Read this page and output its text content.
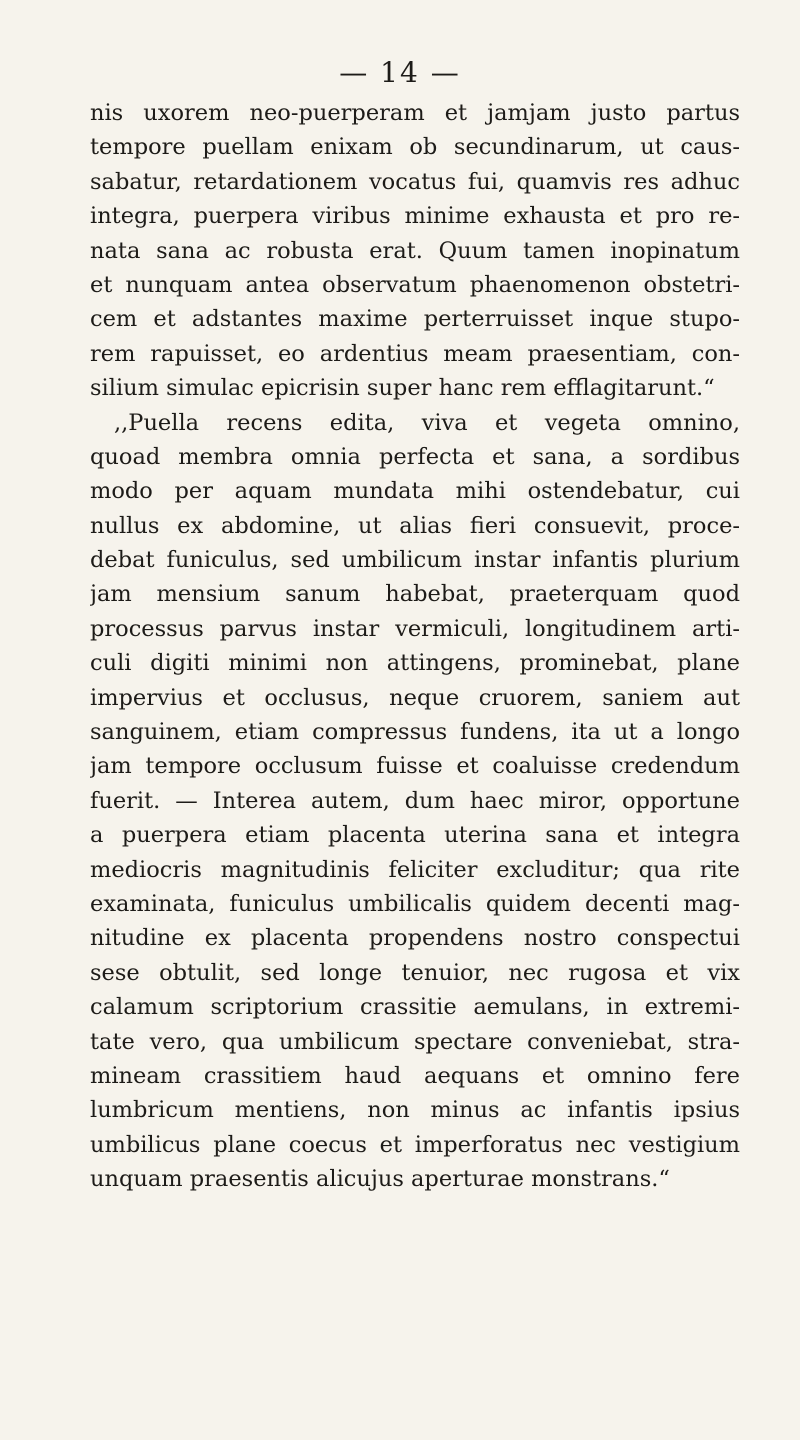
— 14 —
nis uxorem neo-puerperam et jamjam justo partus
tempore puellam enixam ob secundinarum, ut caus-
sabatur, retardationem vocatus fui, quamvis res adhuc
integra, puerpera viribus minime exhausta et pro re-
nata sana ac robusta erat. Quum tamen inopinatum
et nunquam antea observatum phaenomenon obstetri-
cem et adstantes maxime perterruisset inque stupo-
rem rapuisset, eo ardentius meam praesentiam, con-
silium simulac epicrisin super hanc rem efflagitarunt.“
,,Puella recens edita, viva et vegeta omnino,
quoad membra omnia perfecta et sana, a sordibus
modo per aquam mundata mihi ostendebatur, cui
nullus ex abdomine, ut alias fieri consuevit, proce-
debat funiculus, sed umbilicum instar infantis plurium
jam mensium sanum habebat, praeterquam quod
processus parvus instar vermiculi, longitudinem arti-
culi digiti minimi non attingens, prominebat, plane
impervius et occlusus, neque cruorem, saniem aut
sanguinem, etiam compressus fundens, ita ut a longo
jam tempore occlusum fuisse et coaluisse credendum
fuerit. — Interea autem, dum haec miror, opportune
a puerpera etiam placenta uterina sana et integra
mediocris magnitudinis feliciter excluditur; qua rite
examinata, funiculus umbilicalis quidem decenti mag-
nitudine ex placenta propendens nostro conspectui
sese obtulit, sed longe tenuior, nec rugosa et vix
calamum scriptorium crassitie aemulans, in extremi-
tate vero, qua umbilicum spectare conveniebat, stra-
mineam crassitiem haud aequans et omnino fere
lumbricum mentiens, non minus ac infantis ipsius
umbilicus plane coecus et imperforatus nec vestigium
unquam praesentis alicujus aperturae monstrans.“
